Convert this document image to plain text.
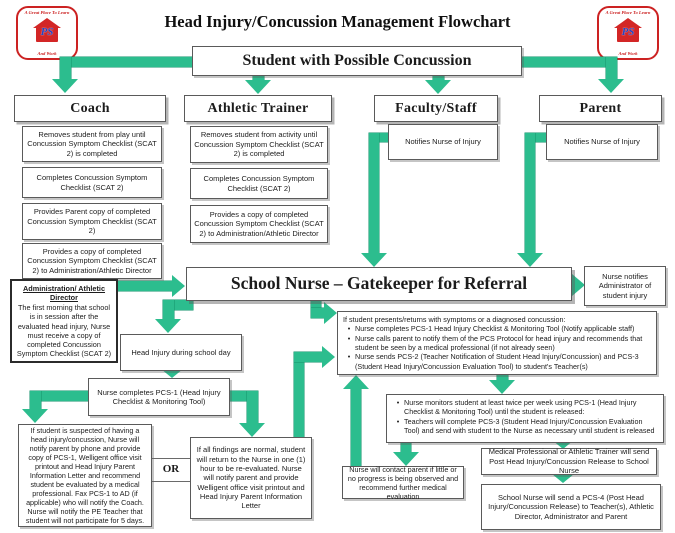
A Great Place To Learn
PS
And Work
A Great Place To Learn
PS
And Work
Head Injury/Concussion Management Flowchart
Student with Possible Concussion
Coach	Athletic Trainer	Faculty/Staff	Parent
Removes student from play until Concussion Symptom Checklist (SCAT 2) is completed
Completes Concussion Symptom Checklist (SCAT 2)
Provides Parent copy of completed Concussion Symptom Checklist (SCAT 2)
Provides a copy of completed Concussion Symptom Checklist (SCAT 2) to Administration/Athletic Director
Removes student from activity until Concussion Symptom Checklist (SCAT 2) is completed
Completes Concussion Symptom Checklist (SCAT 2)
Provides a copy of completed Concussion Symptom Checklist (SCAT 2) to Administration/Athletic Director
Notifies Nurse of Injury	Notifies Nurse of Injury
Administration/ Athletic Director
The first morning that school is in session after the evaluated head injury, Nurse must receive a copy of completed Concussion Symptom Checklist (SCAT 2)
School Nurse – Gatekeeper for Referral	Nurse notifies Administrator of student injury
Head Injury during school day
Nurse completes PCS-1 (Head Injury Checklist & Monitoring Tool)
If student is suspected of having a head injury/concussion, Nurse will notify parent by phone and provide copy of PCS-1, Welligent office visit printout and Head Injury Parent Information Letter and recommend student be evaluated by a medical professional. Fax PCS-1 to AD (if applicable) who will notify the Coach. Nurse will notify the PE Teacher that student will not participate for 5 days.
OR
If all findings are normal, student will return to the Nurse in one (1) hour to be re-evaluated. Nurse will notify parent and provide Welligent office visit printout and Head Injury Parent Information Letter
If student presents/returns with symptoms or a diagnosed concussion:
• Nurse completes PCS-1 Head Injury Checklist & Monitoring Tool (Notify applicable staff)
• Nurse calls parent to notify them of the PCS Protocol for head injury and recommends that student be seen by a medical professional (if not already seen)
• Nurse sends PCS-2 (Teacher Notification of Student Head Injury/Concussion) and PCS-3 (Student Head Injury/Concussion Evaluation Tool) to student's Teacher(s)
• Nurse monitors student at least twice per week using PCS-1 (Head Injury Checklist & Monitoring Tool) until the student is released:
• Teachers will complete PCS-3 (Student Head Injury/Concussion Evaluation Tool) and send with student to the Nurse as necessary until student is released
Nurse will contact parent if little or no progress is being observed and recommend further medical evaluation
Medical Professional or Athletic Trainer will send Post Head Injury/Concussion Release to School Nurse
School Nurse will send a PCS-4 (Post Head Injury/Concussion Release) to Teacher(s), Athletic Director, Administrator and Parent
